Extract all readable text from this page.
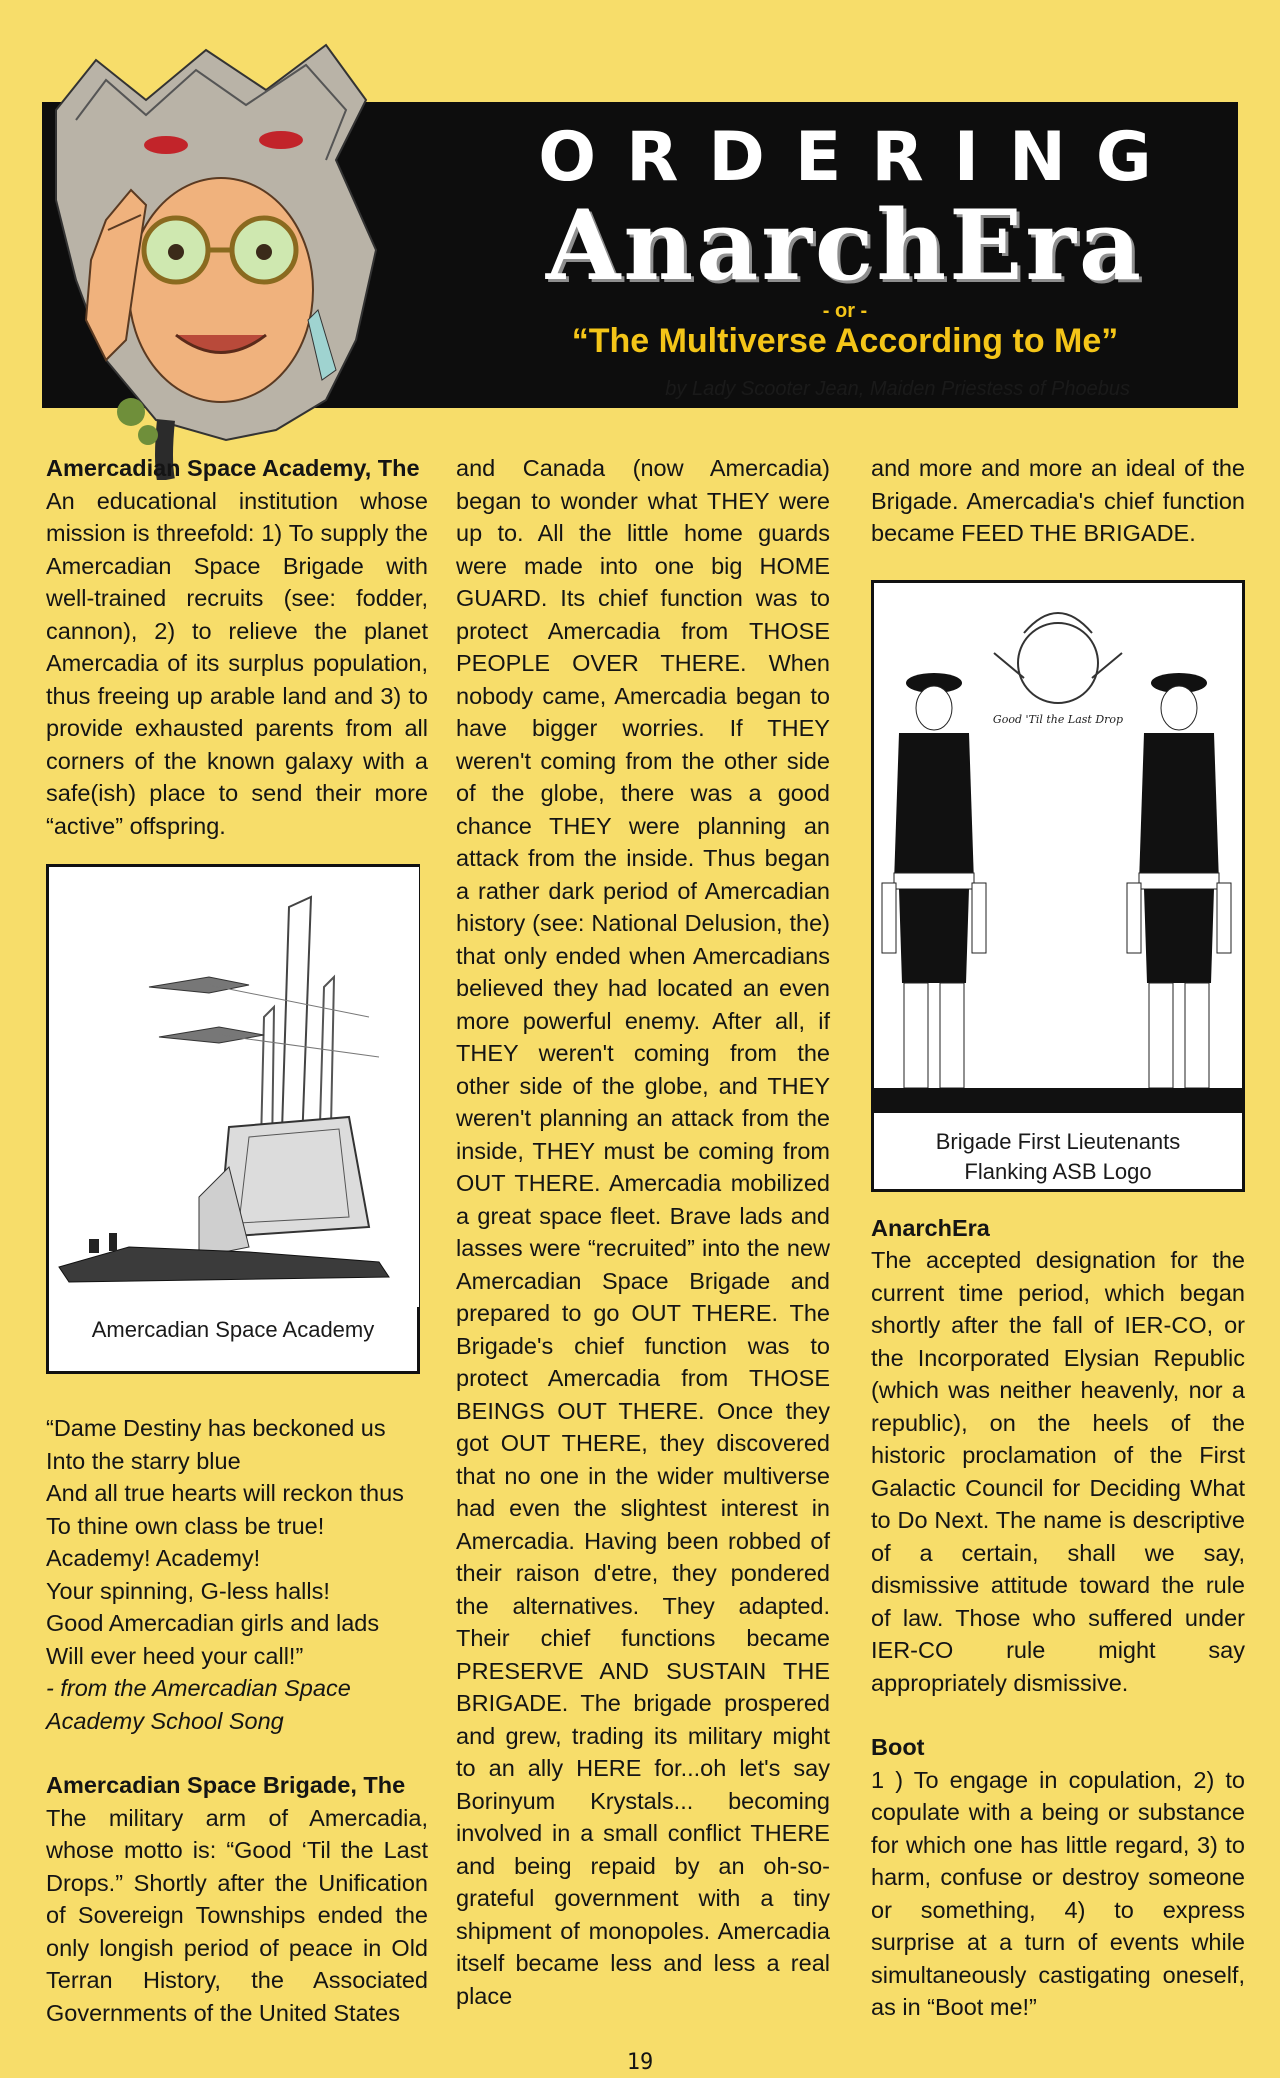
ORDERING
AnarchEra
- or -
“The Multiverse According to Me”
by Lady Scooter Jean, Maiden Priestess of Phoebus

Amercadian Space Academy, The

An educational institution whose mission is threefold: 1) To supply the Amercadian Space Brigade with well-trained recruits (see: fodder, cannon), 2) to relieve the planet Amercadia of its surplus population, thus freeing up arable land and 3) to provide exhausted parents from all corners of the known galaxy with a safe(ish) place to send their more “active” offspring.

Amercadian Space Academy

“Dame Destiny has beckoned us

Into the starry blue

And all true hearts will reckon thus

To thine own class be true!

Academy! Academy!

Your spinning, G-less halls!

Good Amercadian girls and lads

Will ever heed your call!”

- from the Amercadian Space

Academy School Song

Amercadian Space Brigade, The

The military arm of Amercadia, whose motto is: “Good ‘Til the Last Drops.” Shortly after the Unification of Sovereign Townships ended the only longish period of peace in Old Terran History, the Associated Governments of the United States

and Canada (now Amercadia) began to wonder what THEY were up to. All the little home guards were made into one big HOME GUARD. Its chief function was to protect Amercadia from THOSE PEOPLE OVER THERE. When nobody came, Amercadia began to have bigger worries. If THEY weren't coming from the other side of the globe, there was a good chance THEY were planning an attack from the inside. Thus began a rather dark period of Amercadian history (see: National Delusion, the) that only ended when Amercadians believed they had located an even more powerful enemy. After all, if THEY weren't coming from the other side of the globe, and THEY weren't planning an attack from the inside, THEY must be coming from OUT THERE. Amercadia mobilized a great space fleet. Brave lads and lasses were “recruited” into the new Amercadian Space Brigade and prepared to go OUT THERE. The Brigade's chief function was to protect Amercadia from THOSE BEINGS OUT THERE. Once they got OUT THERE, they discovered that no one in the wider multiverse had even the slightest interest in Amercadia. Having been robbed of their raison d'etre, they pondered the alternatives. They adapted. Their chief functions became PRESERVE AND SUSTAIN THE BRIGADE. The brigade prospered and grew, trading its military might to an ally HERE for...oh let's say Borinyum Krystals... becoming involved in a small conflict THERE and being repaid by an oh-so-grateful government with a tiny shipment of monopoles. Amercadia itself became less and less a real place

and more and more an ideal of the Brigade. Amercadia's chief function became FEED THE BRIGADE.

Good 'Til the Last Drop
Brigade First Lieutenants
Flanking ASB Logo

AnarchEra

The accepted designation for the current time period, which began shortly after the fall of IER-CO, or the Incorporated Elysian Republic (which was neither heavenly, nor a republic), on the heels of the historic proclamation of the First Galactic Council for Deciding What to Do Next. The name is descriptive of a certain, shall we say, dismissive attitude toward the rule of law. Those who suffered under IER-CO rule might say appropriately dismissive.

Boot

1 ) To engage in copulation, 2) to copulate with a being or substance for which one has little regard, 3) to harm, confuse or destroy someone or something, 4) to express surprise at a turn of events while simultaneously castigating oneself, as in “Boot me!”

19
